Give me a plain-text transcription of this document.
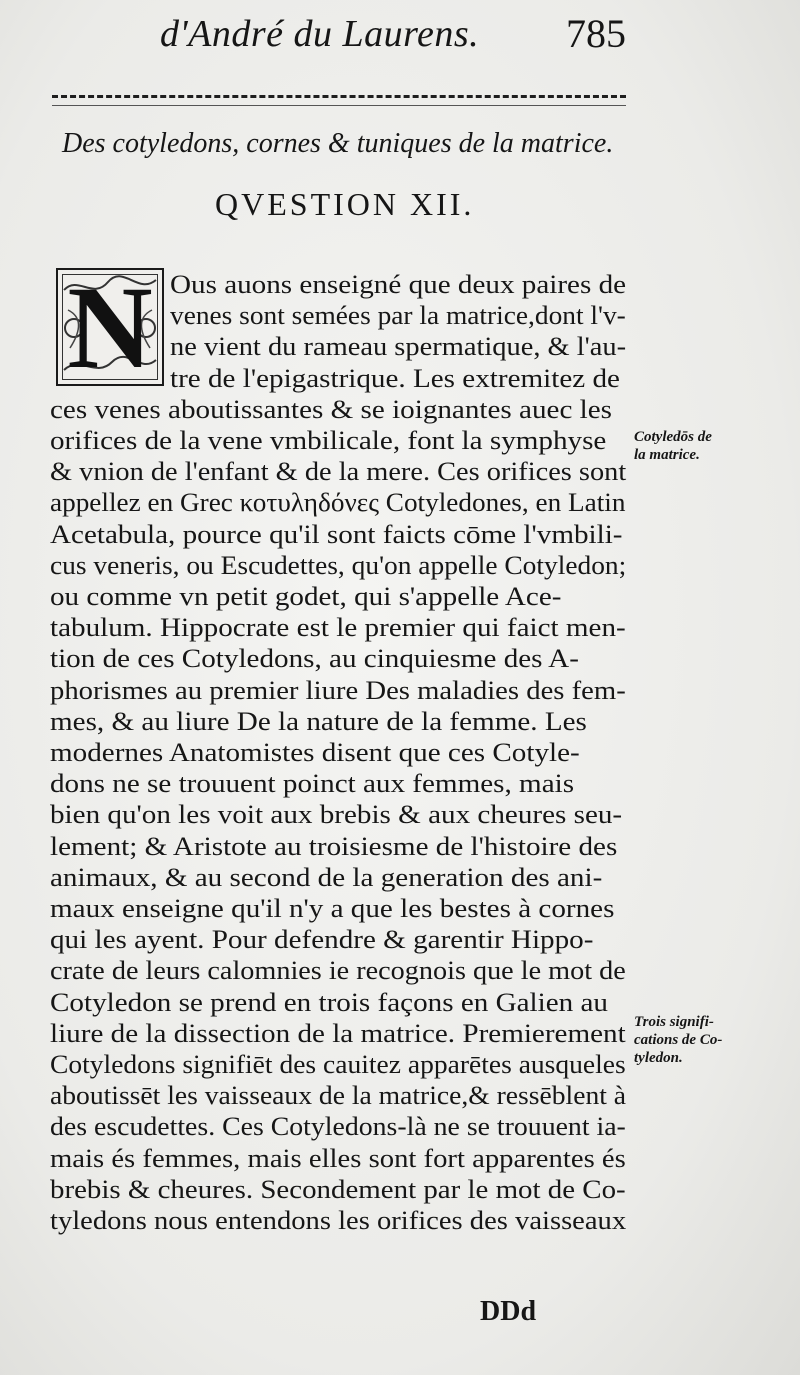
d'André du Laurens. 785
Des cotyledons, cornes & tuniques de la matrice.
QVESTION XII.
N Ous auons enseigné que deux paires de
venes sont semées par la matrice,dont l'v-
ne vient du rameau spermatique, & l'au-
tre de l'epigastrique. Les extremitez de
ces venes aboutissantes & se ioignantes auec les
orifices de la vene vmbilicale, font la symphyse
& vnion de l'enfant & de la mere. Ces orifices sont
appellez en Grec κοτυληδόνες Cotyledones, en Latin
Acetabula, pource qu'il sont faicts cōme l'vmbili-
cus veneris, ou Escudettes, qu'on appelle Cotyledon;
ou comme vn petit godet, qui s'appelle Ace-
tabulum. Hippocrate est le premier qui faict men-
tion de ces Cotyledons, au cinquiesme des A-
phorismes au premier liure Des maladies des fem-
mes, & au liure De la nature de la femme. Les
modernes Anatomistes disent que ces Cotyle-
dons ne se trouuent poinct aux femmes, mais
bien qu'on les voit aux brebis & aux cheures seu-
lement; & Aristote au troisiesme de l'histoire des
animaux, & au second de la generation des ani-
maux enseigne qu'il n'y a que les bestes à cornes
qui les ayent. Pour defendre & garentir Hippo-
crate de leurs calomnies ie recognois que le mot de
Cotyledon se prend en trois façons en Galien au
liure de la dissection de la matrice. Premierement
Cotyledons signifiēt des cauitez apparētes ausqueles
aboutissēt les vaisseaux de la matrice,& ressēblent à
des escudettes. Ces Cotyledons-là ne se trouuent ia-
mais és femmes, mais elles sont fort apparentes és
brebis & cheures. Secondement par le mot de Co-
tyledons nous entendons les orifices des vaisseaux
Cotyledōs de
la matrice.
Trois signifi-
cations de Co-
tyledon.
DDd
